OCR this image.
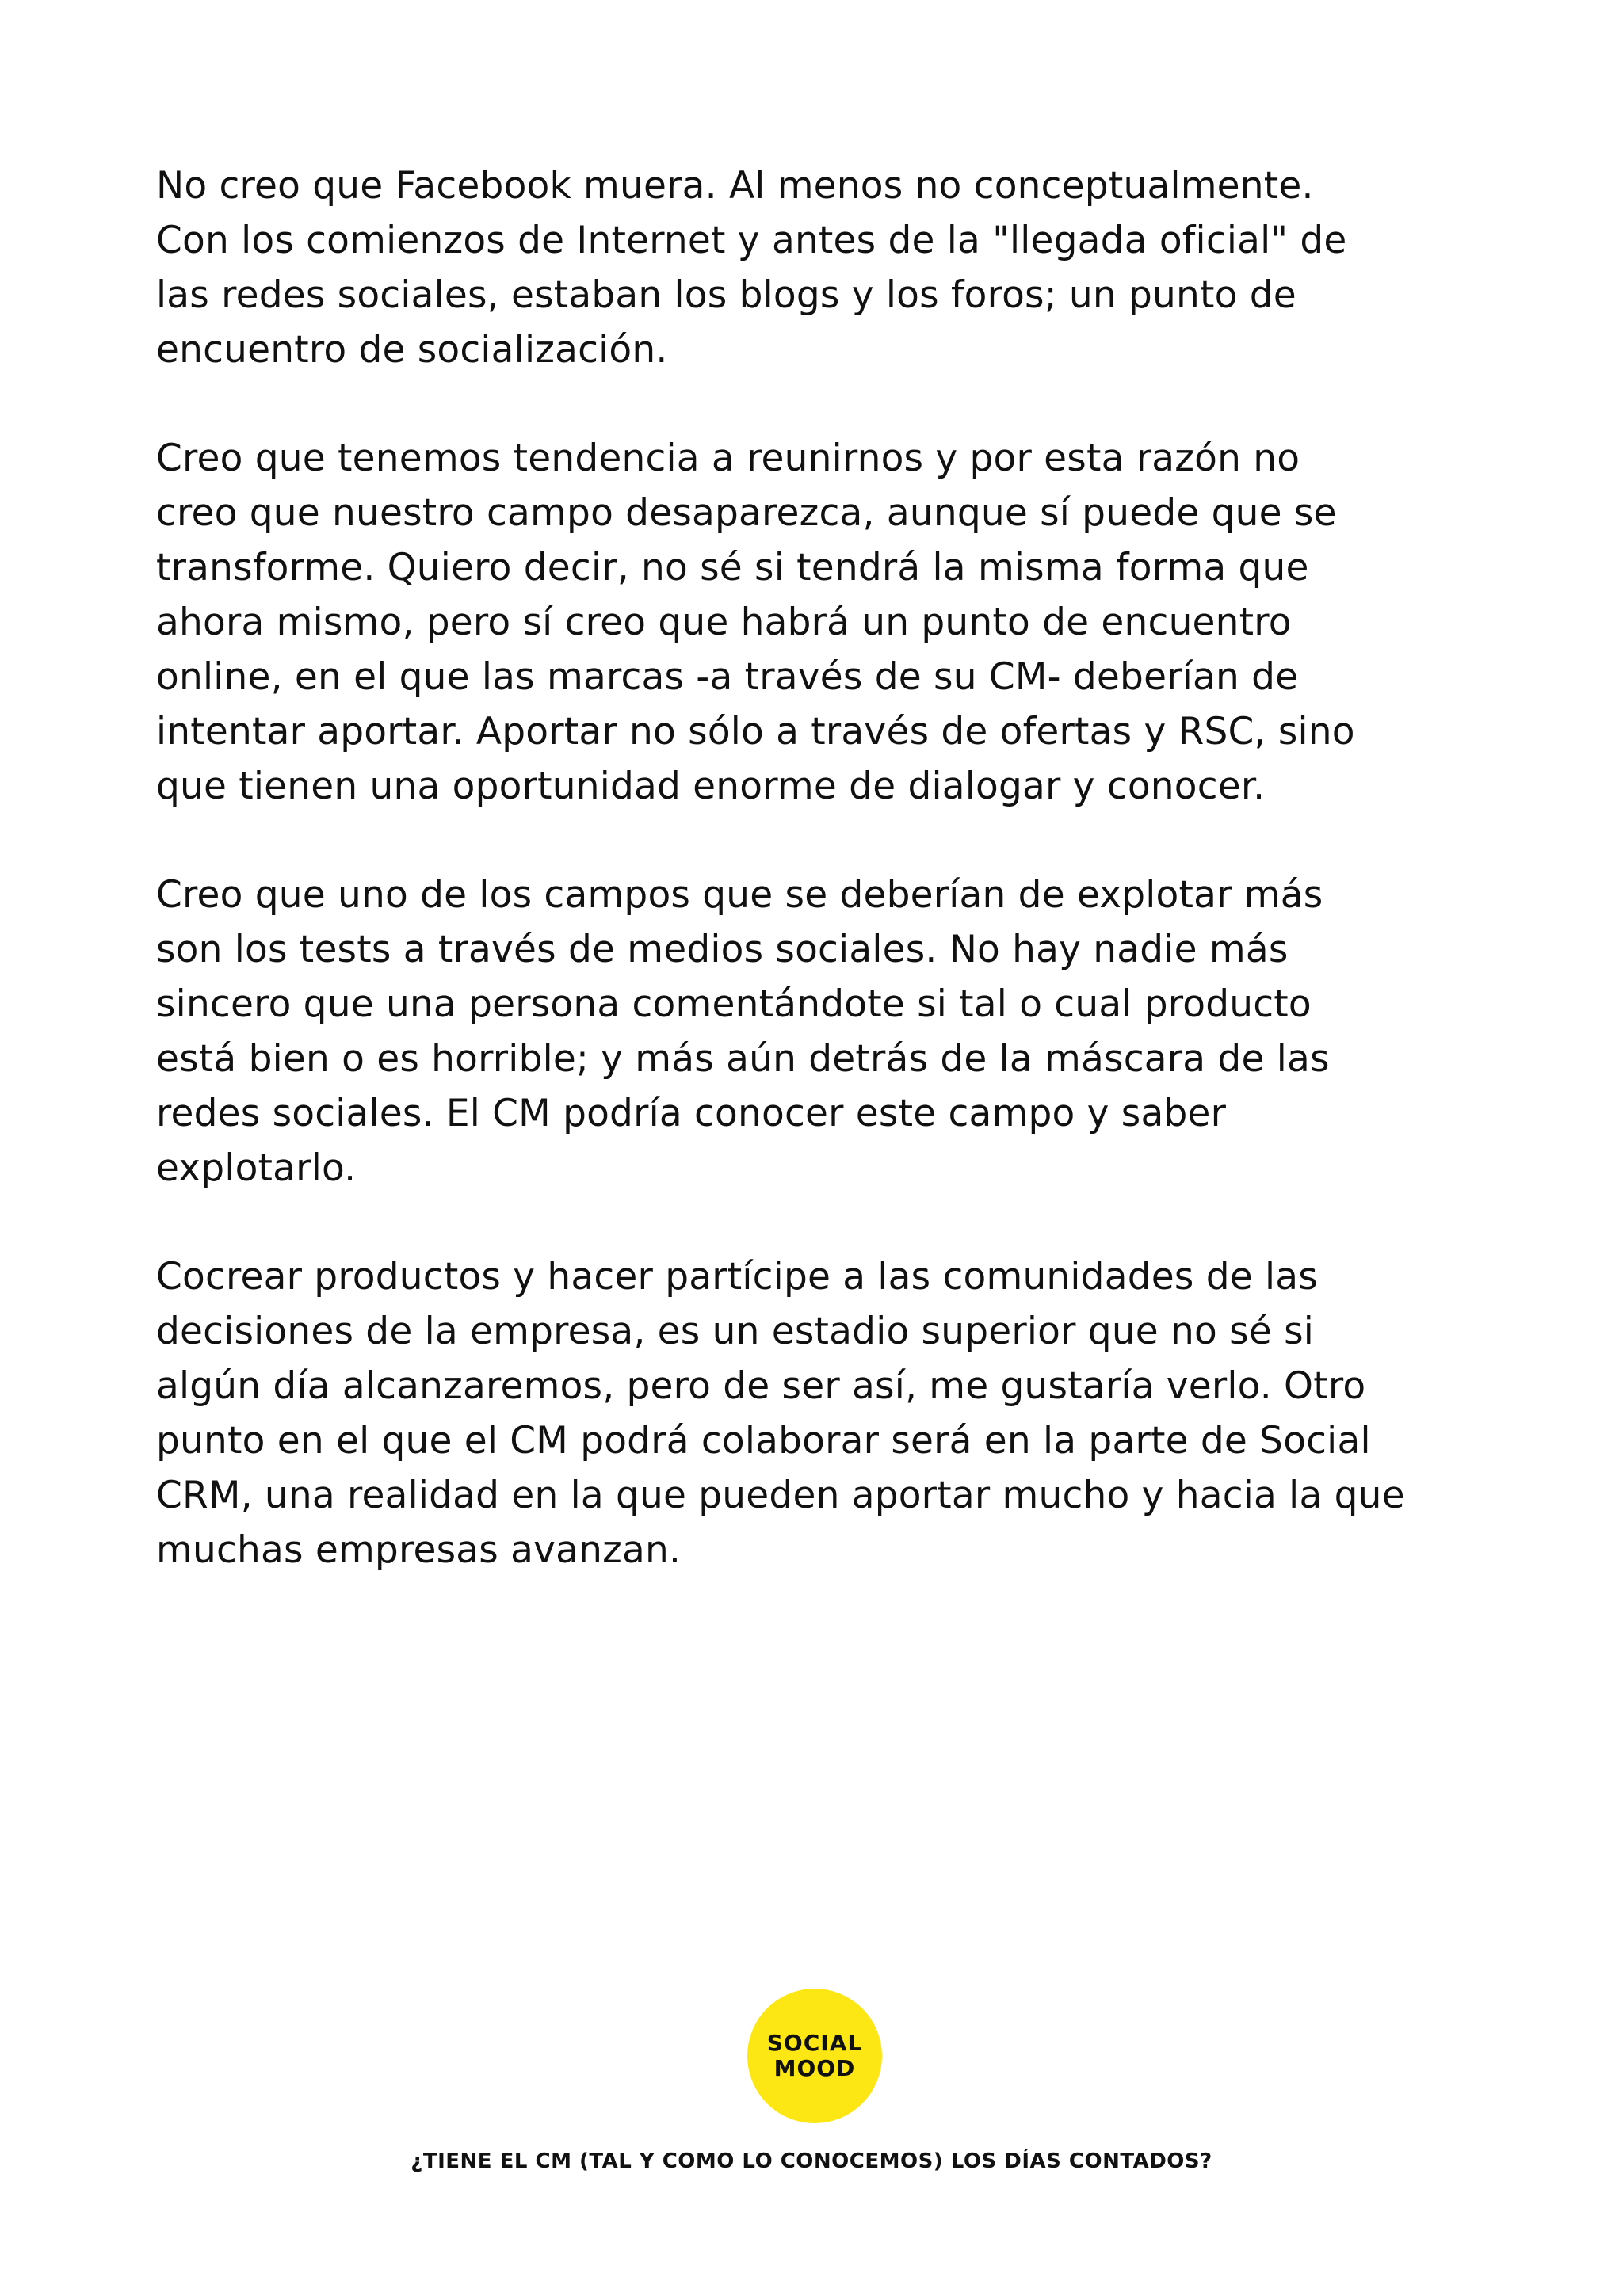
No creo que Facebook muera. Al menos no conceptualmente.
Con los comienzos de Internet y antes de la "llegada oficial" de
las redes sociales, estaban los blogs y los foros; un punto de
encuentro de socialización.
Creo que tenemos tendencia a reunirnos y por esta razón no
creo que nuestro campo desaparezca, aunque sí puede que se
transforme. Quiero decir, no sé si tendrá la misma forma que
ahora mismo, pero sí creo que habrá un punto de encuentro
online, en el que las marcas -a través de su CM- deberían de
intentar aportar. Aportar no sólo a través de ofertas y RSC, sino
que tienen una oportunidad enorme de dialogar y conocer.
Creo que uno de los campos que se deberían de explotar más
son los tests a través de medios sociales. No hay nadie más
sincero que una persona comentándote si tal o cual producto
está bien o es horrible; y más aún detrás de la máscara de las
redes sociales. El CM podría conocer este campo y saber
explotarlo.
Cocrear productos y hacer partícipe a las comunidades de las
decisiones de la empresa, es un estadio superior que no sé si
algún día alcanzaremos, pero de ser así, me gustaría verlo. Otro
punto en el que el CM podrá colaborar será en la parte de Social
CRM, una realidad en la que pueden aportar mucho y hacia la que
muchas empresas avanzan.
SOCIAL
MOOD
¿TIENE EL CM (TAL Y COMO LO CONOCEMOS) LOS DÍAS CONTADOS?
